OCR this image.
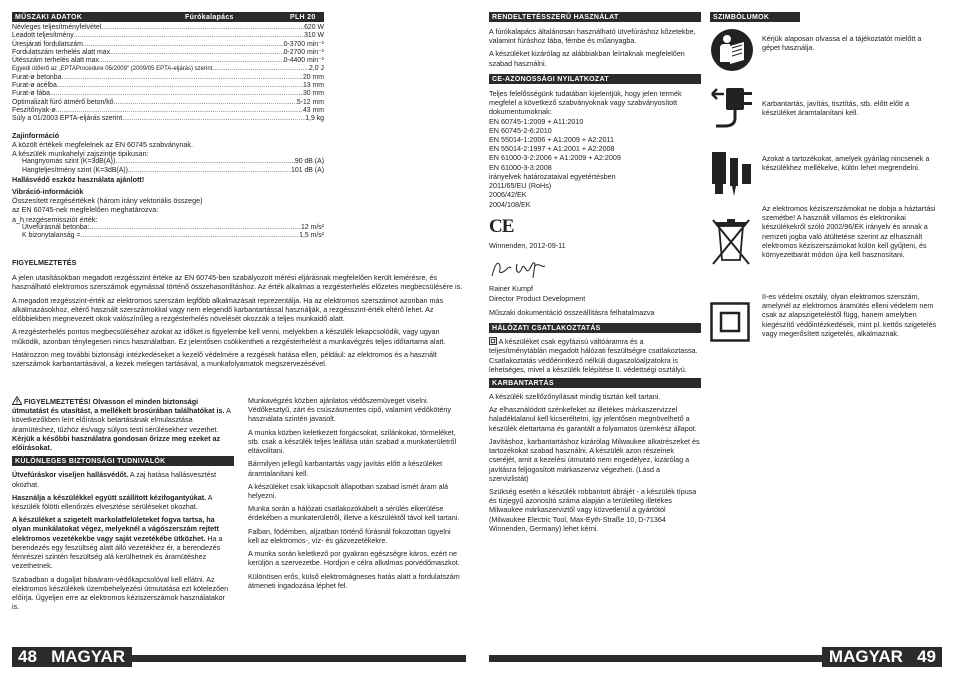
MŰSZAKI ADATOK	Fúrókalapács	PLH 20
Névleges teljesítményfelvétel .....	620 W
Leadott teljesítmény .....	310 W
Üresjárati fordulatszám .....	0-3700 min⁻¹
Fordulatszám terhelés alatt max. .....	0-2700 min⁻¹
Ütésszám terhelés alatt max. .....	0-4400 min⁻¹
Egyedi ütőerő az „EPTAProcedure 05/2009" (2009/05 EPTA-eljárás) szerint .....	2,0 J
Furat-ø betonba .....	20 mm
Furat-ø acélba .....	13 mm
Furat-ø fába .....	30 mm
Optimalizált fúró átmérő beton/kő .....	5-12 mm
Feszítőnyak-ø .....	43 mm
Súly a 01/2003 EPTA-eljárás szerint .....	1,9 kg
Zajinformáció
A közölt értékek megfelelnek az EN 60745 szabványnak.
A készülék munkahelyi zajszintje tipikusan:
Hangnyomás szint (K=3dB(A)) .....	90 dB (A)
Hangteljesítmény szint (K=3dB(A)) .....	101 dB (A)
Hallásvédő eszköz használata ajánlott!
Vibráció-információk
Összesített rezgésértékek (három irány vektoriális összege)
az EN 60745-nek megfelelően meghatározva:
a_h rezgésemissziót érték:
Ütvefúrásnál betonba: .....	12 m/s²
K bizonytalanság = .....	1,5 m/s²
FIGYELMEZTETÉS

A jelen utasításokban megadott rezgésszint értéke az EN 60745-ben szabályozott mérési eljárásnak megfelelően került lemérésre, és használható elektromos szerszámok egymással történő összehasonlításhoz. Az érték alkalmas a rezgésterhelés előzetes megbecsülésére is.

A megadott rezgésszint-érték az elektromos szerszám legfőbb alkalmazásait reprezentálja. Ha az elektromos szerszámot azonban más alkalmazásokhoz, eltérő használt szerszámokkal vagy nem elegendő karbantartással használják, a rezgésszint-érték eltérő lehet. Az előbbiekben megnevezett okok valószínűleg a rezgésterhelés növelését okozzák a teljes munkaidő alatt.

A rezgésterhelés pontos megbecsüléséhez azokat az időket is figyelembe kell venni, melyekben a készülék lekapcsolódik, vagy ugyan működik, azonban ténylegesen nincs használatban. Ez jelentősen csökkentheti a rezgésterhelést a munkavégzés teljes időtartama alatt.

Határozzon meg további biztonsági intézkedéseket a kezelő védelmére a rezgések hatása ellen, például: az elektromos és a használt szerszámok karbantartásával, a kezek melegen tartásával, a munkafolyamatok megszervezésével.

FIGYELMEZTETÉS! Olvasson el minden biztonsági útmutatást és utasítást, a mellékelt brosúrában találhatókat is. A következőkben leírt előírások betartásának elmulasztása áramütéshez, tűzhöz és/vagy súlyos testi sérülésekhez vezethet. Kérjük a későbbi használatra gondosan őrizze meg ezeket az előírásokat.

KÜLÖNLEGES BIZTONSÁGI TUDNIVALÓK

Ütvefúráskor viseljen hallásvédőt. A zaj hatása hallásvesztést okozhat.

Használja a készülékkel együtt szállított kézifogantyúkat. A készülék fölötti ellenőrzés elvesztése sérüléseket okozhat.

A készüléket a szigetelt markolatfelületeket fogva tartsa, ha olyan munkálatokat végez, melyeknél a vágószerszám rejtett elektromos vezetékekbe vagy saját vezetékébe ütközhet. Ha a berendezés egy feszültség alatt álló vezetékhez ér, a berendezés fémrészei szintén feszültség alá kerülhetnek és áramütéshez vezethetnek.

Szabadban a dugaljat hibaáram-védőkapcsolóval kell ellátni. Az elektromos készülékek üzembehelyezési útmutatása ezt kötelezően előírja. Ügyeljen erre az elektromos kéziszerszámok használatakor is.

Munkavégzés közben ajánlatos védőszemüveget viselni. Védőkesztyű, zárt és csúszásmentes cipő, valamint védőkötény használata szintén javasolt.

A munka közben keletkezett forgácsokat, szilánkokat, törmeléket, stb. csak a készülék teljes leállása után szabad a munkaterületről eltávolítani.

Bármilyen jellegű karbantartás vagy javítás előtt a készüléket áramtalanítani kell.

A készüléket csak kikapcsolt állapotban szabad ismét áram alá helyezni.

Munka során a hálózati csatlakozókábelt a sérülés elkerülése érdekében a munkaterületről, illetve a készüléktől távol kell tartani.

Falban, födémben, aljzatban történő fúrásnál fokozottan ügyelni kell az elektromos-, víz- és gázvezetékekre.

A munka során keletkező por gyakran egészségre káros, ezért ne kerüljön a szervezetbe. Hordjon e célra alkalmas porvédőmaszkot.

Különösen erős, külső elektromágneses hatás alatt a fordulatszám átmeneti ingadozása léphet fel.

48 MAGYAR
RENDELTETÉSSZERŰ HASZNÁLAT

A fúrókalapács általánosan használható ütvefúráshoz kőzetekbe, valamint fúráshoz fába, fémbe és műanyagba.

A készüléket kizárólag az alábbiakban leírtaknak megfelelően szabad használni.

CE-AZONOSSÁGI NYILATKOZAT
Teljes felelősségünk tudatában kijelentjük, hogy jelen termék megfelel a következő szabványoknak vagy szabványosított dokumentumoknak:
EN 60745-1:2009 + A11:2010
EN 60745-2-6:2010
EN 55014-1:2006 + A1:2009 + A2:2011
EN 55014-2:1997 + A1:2001 + A2:2008
EN 61000-3-2:2006 + A1:2009 + A2:2009
EN 61000-3-3:2008
irányelvek határozataival egyetértésben
2011/65/EU (RoHs)
2006/42/EK
2004/108/EK
CE
Winnenden, 2012-09-11
Rainer Kumpf
Director Product Development
Műszaki dokumentáció összeállításra felhatalmazva
HÁLÓZATI CSATLAKOZTATÁS

A készüléket csak egyfázisú váltóáramra és a teljesítménytáblán megadott hálózati feszültségre csatlakoztassa. Csatlakoztatás védőérintkező nélküli dugaszolóaljzatokra is lehetséges, mivel a készülék felépítése II. védettségi osztályú.

KARBANTARTÁS

A készülék szellőzőnyílásait mindig tisztán kell tartani.

Az elhasználódott szénkefeket az illetékes márkaszervizzel haladéktalanul kell kicseréltetni, így jelentősen megnövelhető a készülék élettartama és garantált a folyamatos üzemkész állapot.

Javításhoz, karbantartáshoz kizárólag Milwaukee alkatrészeket és tartozékokat szabad használni. A készülék azon részeinek cseréjét, amit a kezelési útmutató nem engedélyez, kizárólag a javításra feljogosított márkaszerviz végezheti. (Lásd a szervizlistát)

Szükség esetén a készülék robbantott ábrájét - a készülék típusa és tízjegyű azonosító száma alapján a területileg illetékes Milwaukee márkaszerviztől vagy közvetlenül a gyártótól (Milwaukee Electric Tool, Max-Eyth-Straße 10, D-71364 Winnenden, Germany) lehet kérni.

SZIMBÓLUMOK
Kérjük alaposan olvassa el a tájékoztatót mielőtt a gépet használja.
Karbantartás, javítás, tisztítás, stb. előtt előtt a készüléket áramtalanítani kell.
Azokat a tartozékokat, amelyek gyárilag nincsenek a készülékhez mellékelve, külön lehet megrendelni.
Az elektromos kéziszerszámokat ne dobja a háztartási szemétbe! A használt villamos és elektronikai készülékekről szóló 2002/96/EK irányelv és annak a nemzeti jogba való átültetése szerint az elhasznált elektromos kéziszerszámokat külön kell gyűjteni, és környezetbarát módon újra kell hasznosítani.
II-es védelmi osztály, olyan elektromos szerszám, amelynél az elektromos áramütés elleni védelem nem csak az alapszigeteléstől függ, hanem amelyben kiegészítő védőintézkedések, mint pl. kettős szigetelés vagy megerősített szigetelés, alkalmaznak.
MAGYAR 49
